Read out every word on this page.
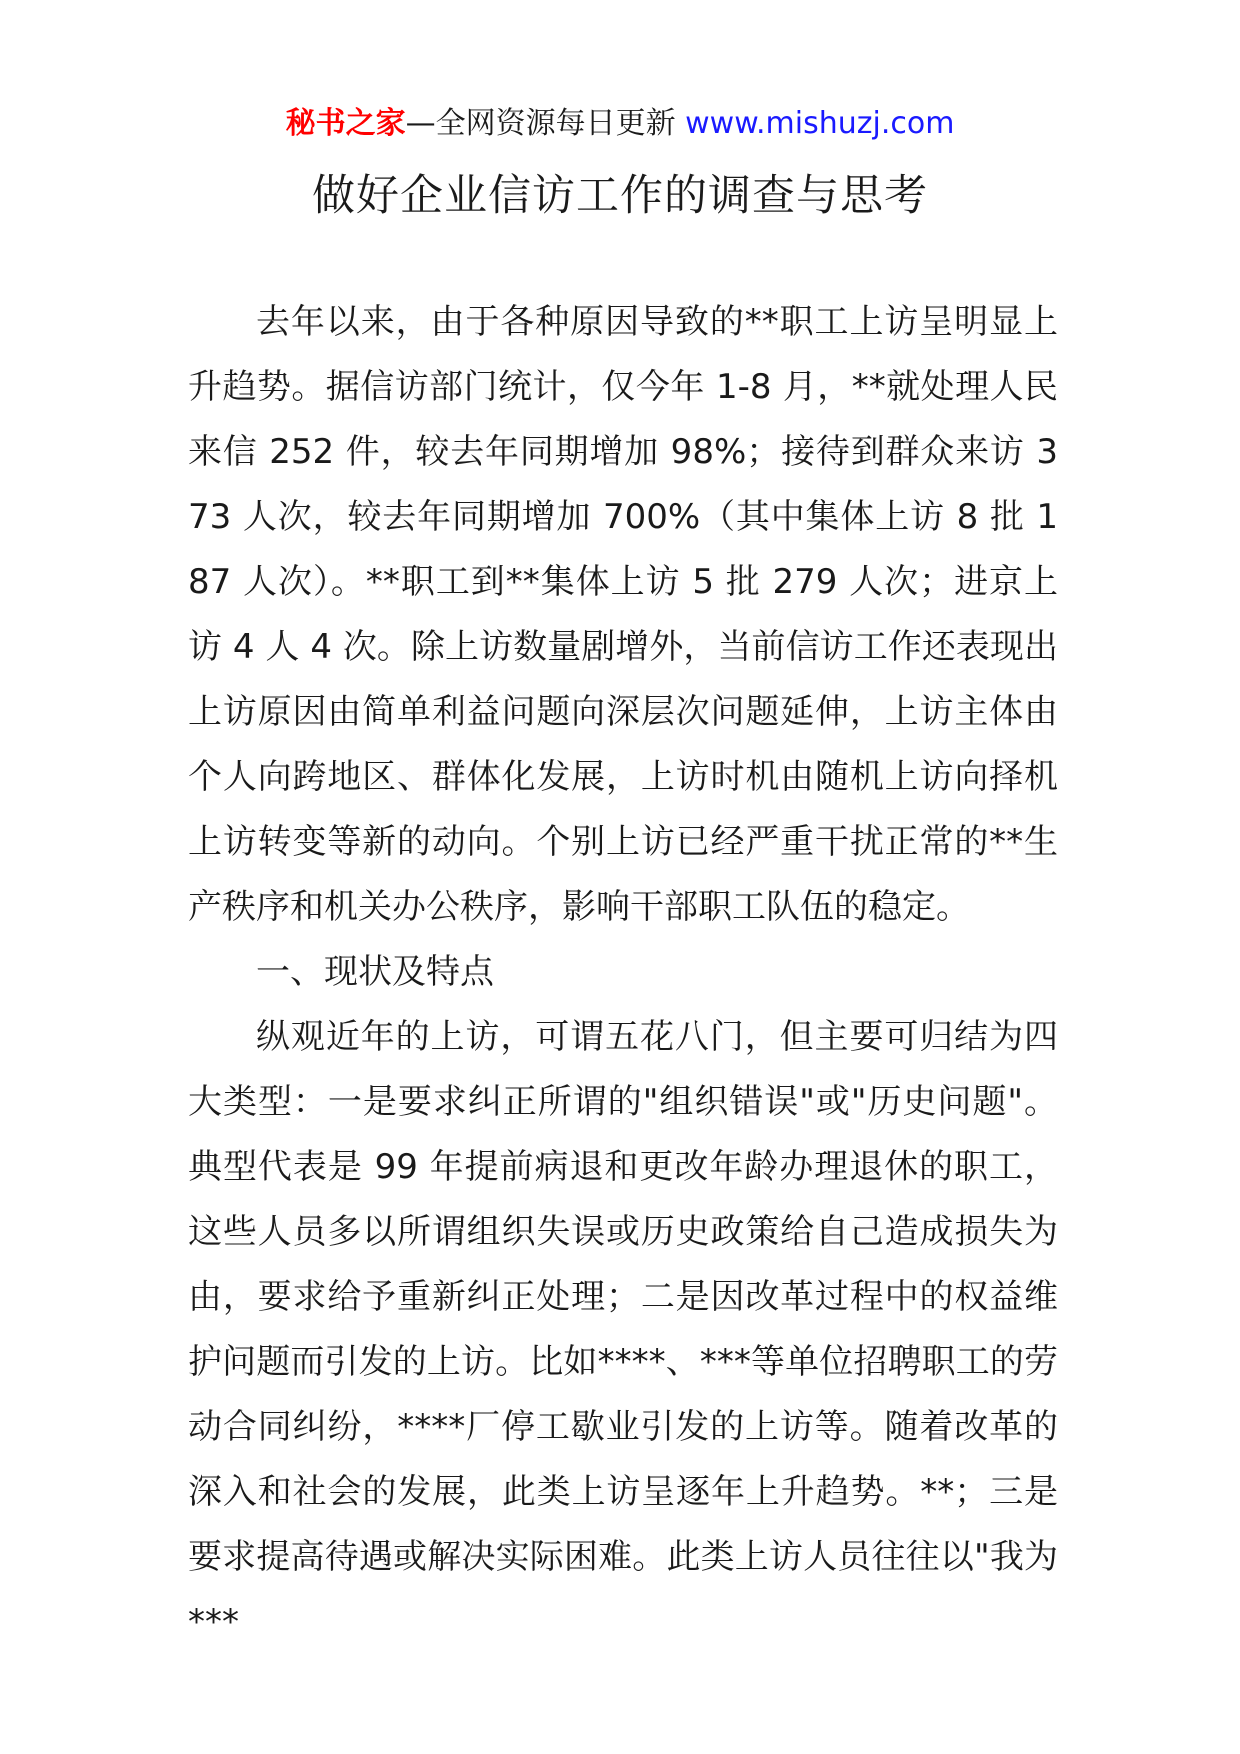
秘书之家—全网资源每日更新 www.mishuzj.com
做好企业信访工作的调查与思考

去年以来，由于各种原因导致的**职工上访呈明显上升趋势。据信访部门统计，仅今年 1-8 月，**就处理人民来信 252 件，较去年同期增加 98%；接待到群众来访 373 人次，较去年同期增加 700%（其中集体上访 8 批 187 人次）。**职工到**集体上访 5 批 279 人次；进京上访 4 人 4 次。除上访数量剧增外，当前信访工作还表现出上访原因由简单利益问题向深层次问题延伸，上访主体由个人向跨地区、群体化发展，上访时机由随机上访向择机上访转变等新的动向。个别上访已经严重干扰正常的**生产秩序和机关办公秩序，影响干部职工队伍的稳定。

一、现状及特点

纵观近年的上访，可谓五花八门，但主要可归结为四大类型：一是要求纠正所谓的"组织错误"或"历史问题"。典型代表是 99 年提前病退和更改年龄办理退休的职工，这些人员多以所谓组织失误或历史政策给自己造成损失为由，要求给予重新纠正处理；二是因改革过程中的权益维护问题而引发的上访。比如****、***等单位招聘职工的劳动合同纠纷，****厂停工歇业引发的上访等。随着改革的深入和社会的发展，此类上访呈逐年上升趋势。**；三是要求提高待遇或解决实际困难。此类上访人员往往以"我为***
